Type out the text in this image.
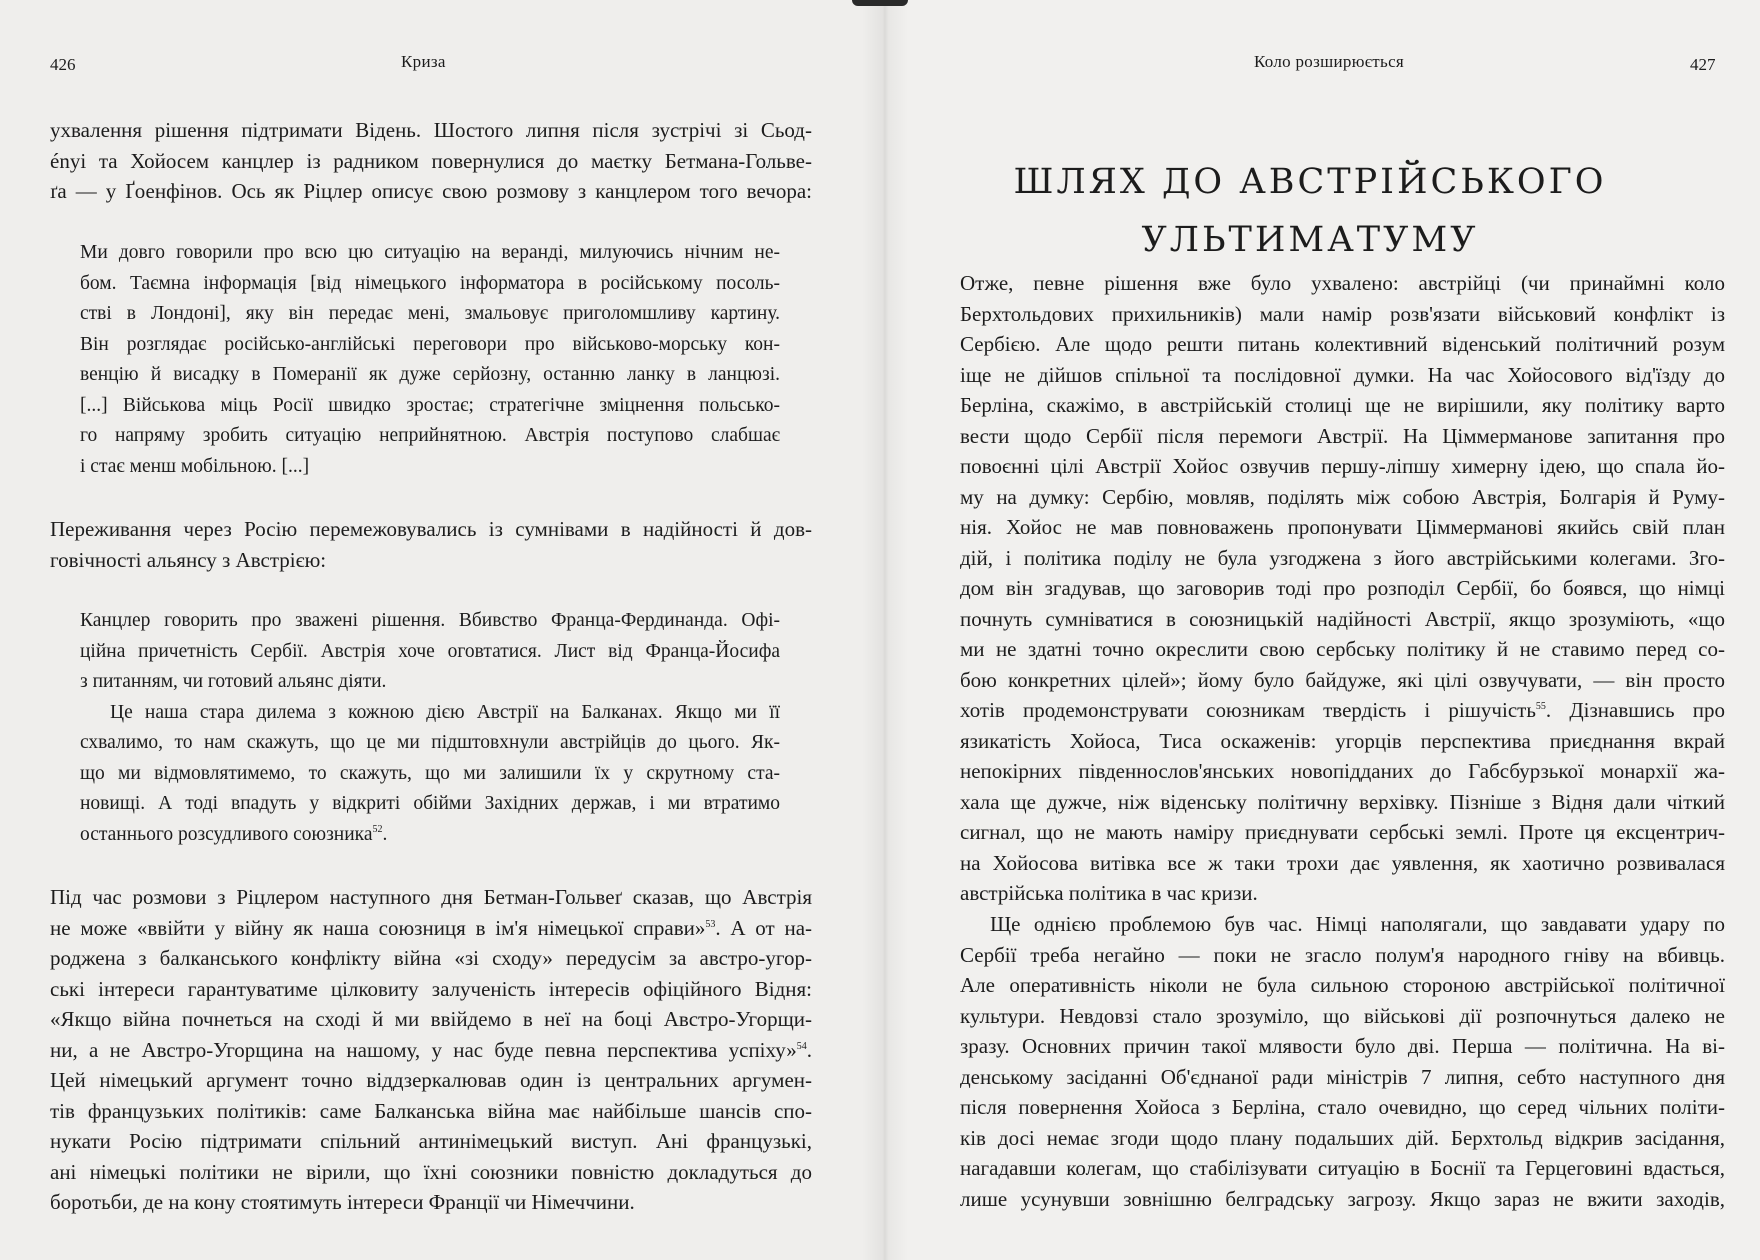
426	Криза
ухвалення рішення підтримати Відень. Шостого липня після зустрічі зі Сьод-
ényi та Хойосем канцлер із радником повернулися до маєтку Бетмана-Гольве-
ґа — у Ґоенфінов. Ось як Ріцлер описує свою розмову з канцлером того вечора:
Ми довго говорили про всю цю ситуацію на веранді, милуючись нічним не-
бом. Таємна інформація [від німецького інформатора в російському посоль-
стві в Лондоні], яку він передає мені, змальовує приголомшливу картину.
Він розглядає російсько-англійські переговори про військово-морську кон-
венцію й висадку в Померанії як дуже серйозну, останню ланку в ланцюзі.
[...] Військова міць Росії швидко зростає; стратегічне зміцнення польсько-
го напряму зробить ситуацію неприйнятною. Австрія поступово слабшає
і стає менш мобільною. [...]
Переживання через Росію перемежовувались із сумнівами в надійності й дов-
говічності альянсу з Австрією:
Канцлер говорить про зважені рішення. Вбивство Франца-Фердинанда. Офі-
ційна причетність Сербії. Австрія хоче оговтатися. Лист від Франца-Йосифа
з питанням, чи готовий альянс діяти.
Це наша стара дилема з кожною дією Австрії на Балканах. Якщо ми її
схвалимо, то нам скажуть, що це ми підштовхнули австрійців до цього. Як-
що ми відмовлятимемо, то скажуть, що ми залишили їх у скрутному ста-
новищі. А тоді впадуть у відкриті обійми Західних держав, і ми втратимо
останнього розсудливого союзника$^{52}$.
Під час розмови з Ріцлером наступного дня Бетман-Гольвеґ сказав, що Австрія
не може «ввійти у війну як наша союзниця в ім'я німецької справи»$^{53}$. А от на-
роджена з балканського конфлікту війна «зі сходу» передусім за австро-угор-
ські інтереси гарантуватиме цілковиту залученість інтересів офіційного Відня:
«Якщо війна почнеться на сході й ми ввійдемо в неї на боці Австро-Угорщи-
ни, а не Австро-Угорщина на нашому, у нас буде певна перспектива успіху»$^{54}$.
Цей німецький аргумент точно віддзеркалював один із центральних аргумен-
тів французьких політиків: саме Балканська війна має найбільше шансів спо-
нукати Росію підтримати спільний антинімецький виступ. Ані французькі,
ані німецькі політики не вірили, що їхні союзники повністю докладуться до
боротьби, де на кону стоятимуть інтереси Франції чи Німеччини.
Коло розширюється	427
ШЛЯХ ДО АВСТРІЙСЬКОГО
УЛЬТИМАТУМУ
Отже, певне рішення вже було ухвалено: австрійці (чи принаймні коло
Берхтольдових прихильників) мали намір розв'язати військовий конфлікт із
Сербією. Але щодо решти питань колективний віденський політичний розум
іще не дійшов спільної та послідовної думки. На час Хойосового від'їзду до
Берліна, скажімо, в австрійській столиці ще не вирішили, яку політику варто
вести щодо Сербії після перемоги Австрії. На Ціммерманове запитання про
повоєнні цілі Австрії Хойос озвучив першу-ліпшу химерну ідею, що спала йо-
му на думку: Сербію, мовляв, поділять між собою Австрія, Болгарія й Руму-
нія. Хойос не мав повноважень пропонувати Ціммерманові якийсь свій план
дій, і політика поділу не була узгоджена з його австрійськими колегами. Зго-
дом він згадував, що заговорив тоді про розподіл Сербії, бо боявся, що німці
почнуть сумніватися в союзницькій надійності Австрії, якщо зрозуміють, «що
ми не здатні точно окреслити свою сербську політику й не ставимо перед со-
бою конкретних цілей»; йому було байдуже, які цілі озвучувати, — він просто
хотів продемонструвати союзникам твердість і рішучість$^{55}$. Дізнавшись про
язикатість Хойоса, Тиса оскаженів: угорців перспектива приєднання вкрай
непокірних південнослов'янських новопідданих до Габсбурзької монархії жа-
хала ще дужче, ніж віденську політичну верхівку. Пізніше з Відня дали чіткий
сигнал, що не мають наміру приєднувати сербські землі. Проте ця ексцентрич-
на Хойосова витівка все ж таки трохи дає уявлення, як хаотично розвивалася
австрійська політика в час кризи.
Ще однією проблемою був час. Німці наполягали, що завдавати удару по
Сербії треба негайно — поки не згасло полум'я народного гніву на вбивць.
Але оперативність ніколи не була сильною стороною австрійської політичної
культури. Невдовзі стало зрозуміло, що військові дії розпочнуться далеко не
зразу. Основних причин такої млявости було дві. Перша — політична. На ві-
денському засіданні Об'єднаної ради міністрів 7 липня, себто наступного дня
після повернення Хойоса з Берліна, стало очевидно, що серед чільних політи-
ків досі немає згоди щодо плану подальших дій. Берхтольд відкрив засідання,
нагадавши колегам, що стабілізувати ситуацію в Боснії та Герцеговині вдасться,
лише усунувши зовнішню белградську загрозу. Якщо зараз не вжити заходів,
